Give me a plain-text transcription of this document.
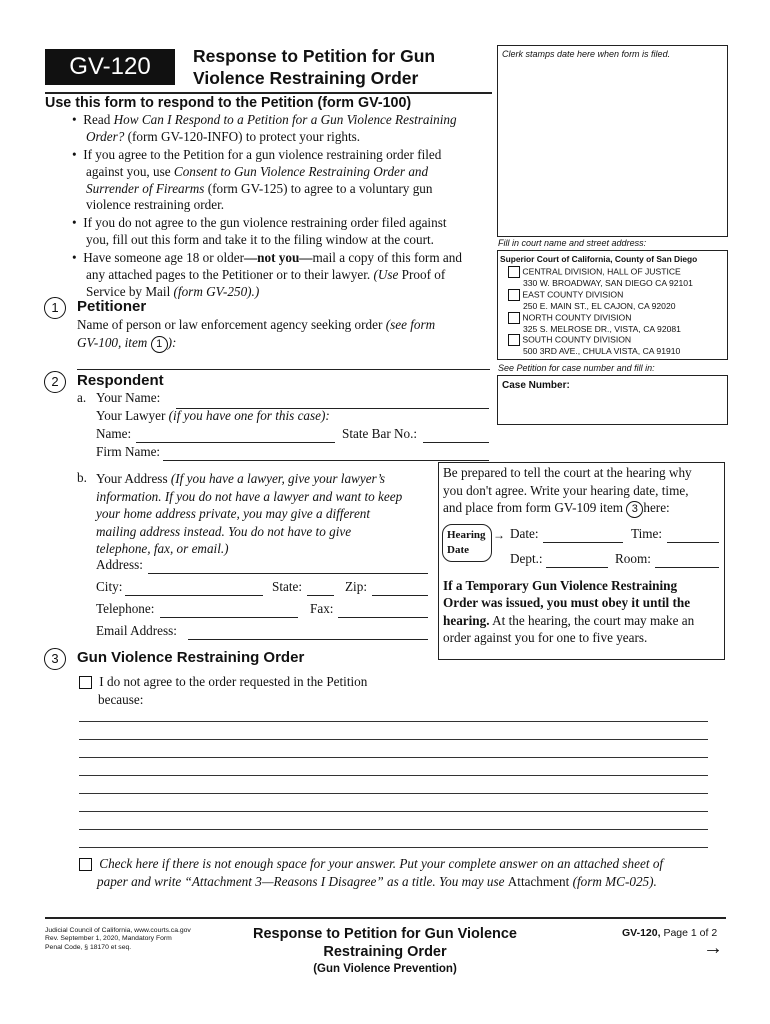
GV-120	Response to Petition for Gun
Violence Restraining Order
Use this form to respond to the Petition (form GV-100)
•  Read How Can I Respond to a Petition for a Gun Violence Restraining
Order? (form GV-120-INFO) to protect your rights.
•  If you agree to the Petition for a gun violence restraining order filed
against you, use Consent to Gun Violence Restraining Order and
Surrender of Firearms (form GV-125) to agree to a voluntary gun
violence restraining order.
•  If you do not agree to the gun violence restraining order filed against
you, fill out this form and take it to the filing window at the court.
•  Have someone age 18 or older—not you—mail a copy of this form and
any attached pages to the Petitioner or to their lawyer. (Use Proof of
Service by Mail (form GV-250).)
Clerk stamps date here when form is filed.
Fill in court name and street address:
Superior Court of California, County of San Diego
CENTRAL DIVISION, HALL OF JUSTICE
330 W. BROADWAY, SAN DIEGO CA 92101
EAST COUNTY DIVISION
250 E. MAIN ST., EL CAJON, CA 92020
NORTH COUNTY DIVISION
325 S. MELROSE DR., VISTA, CA 92081
SOUTH COUNTY DIVISION
500 3RD AVE., CHULA VISTA, CA 91910
See Petition for case number and fill in:
Case Number:
1	Petitioner
Name of person or law enforcement agency seeking order (see form
GV-100, item 1 ):
2	Respondent
a. Your Name:
Your Lawyer (if you have one for this case):
Name:	State Bar No.:
Firm Name:
b. Your Address (If you have a lawyer, give your lawyer’s
information. If you do not have a lawyer and want to keep
your home address private, you may give a different
mailing address instead. You do not have to give
telephone, fax, or email.)
Address:
City:	State:	Zip:
Telephone:	Fax:
Email Address:
Be prepared to tell the court at the hearing why
you don't agree. Write your hearing date, time,
and place from form GV-109 item 3 here:
Hearing
Date
→ Date:	Time:
Dept.:	Room:
If a Temporary Gun Violence Restraining
Order was issued, you must obey it until the
hearing. At the hearing, the court may make an
order against you for one to five years.
3	Gun Violence Restraining Order
I do not agree to the order requested in the Petition
because:
Check here if there is not enough space for your answer. Put your complete answer on an attached sheet of
paper and write “Attachment 3—Reasons I Disagree” as a title. You may use Attachment (form MC-025).
Judicial Council of California, www.courts.ca.gov
Rev. September 1, 2020, Mandatory Form
Penal Code, § 18170 et seq.
Response to Petition for Gun Violence
Restraining Order
(Gun Violence Prevention)
GV-120, Page 1 of 2
→
